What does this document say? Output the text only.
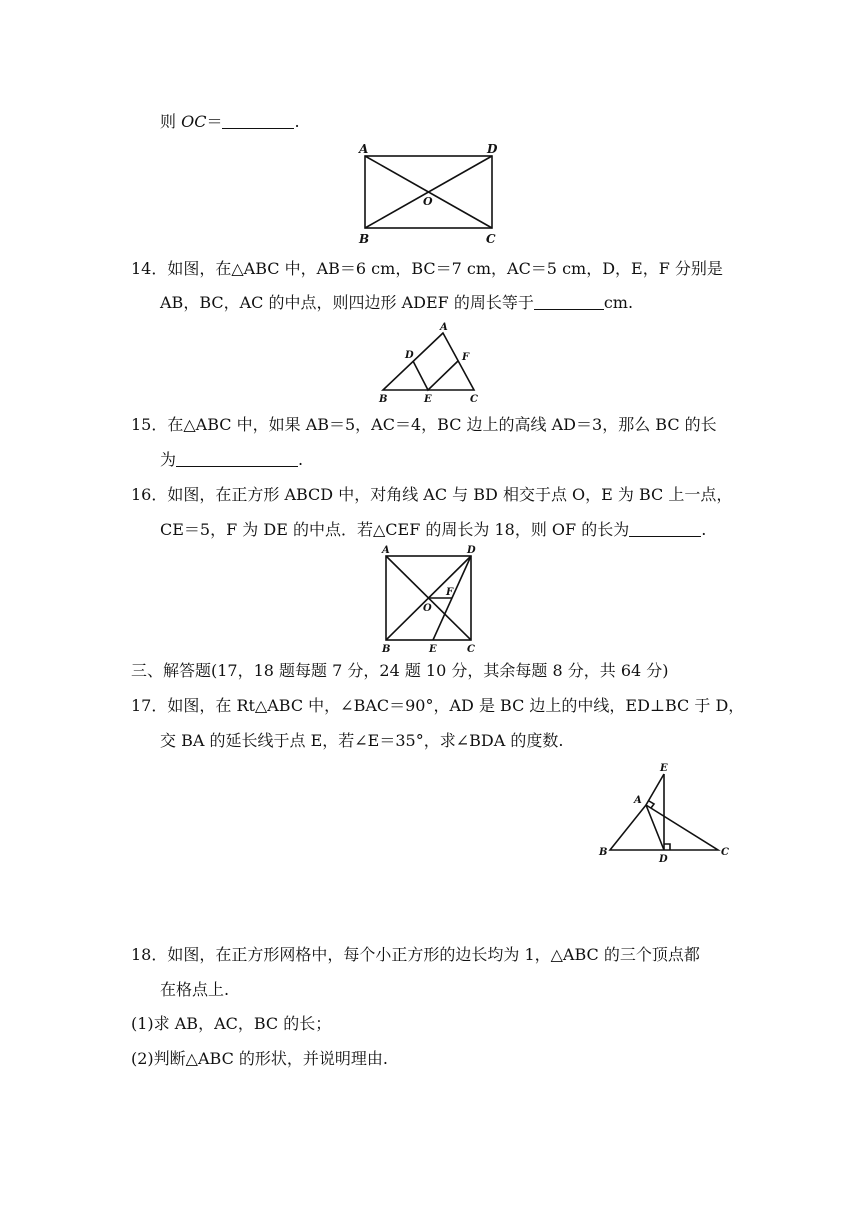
则 OC＝	.
A	D
O
B	C
14．如图，在△ABC 中，AB＝6 cm，BC＝7 cm，AC＝5 cm，D，E，F 分别是
AB，BC，AC 的中点，则四边形 ADEF 的周长等于	cm.
A
D	F
B	E	C
15．在△ABC 中，如果 AB＝5，AC＝4，BC 边上的高线 AD＝3，那么 BC 的长
为	.
16．如图，在正方形 ABCD 中，对角线 AC 与 BD 相交于点 O，E 为 BC 上一点，
CE＝5，F 为 DE 的中点．若△CEF 的周长为 18，则 OF 的长为	.
A	D
O
F
B	E	C
三、解答题(17，18 题每题 7 分，24 题 10 分，其余每题 8 分，共 64 分)
17．如图，在 Rt△ABC 中，∠BAC＝90°，AD 是 BC 边上的中线，ED⊥BC 于 D，
交 BA 的延长线于点 E，若∠E＝35°，求∠BDA 的度数.
E
A
B
D
C
18．如图，在正方形网格中，每个小正方形的边长均为 1，△ABC 的三个顶点都
在格点上.
(1)求 AB，AC，BC 的长；
(2)判断△ABC 的形状，并说明理由.
